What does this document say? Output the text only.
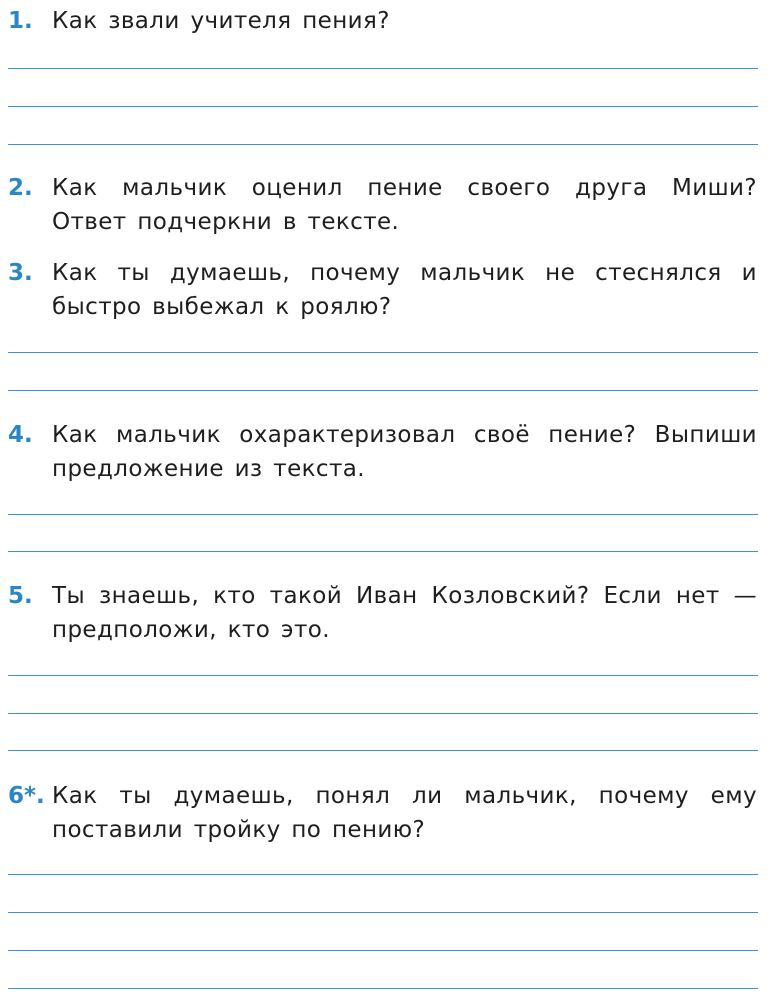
1. Как звали учителя пения?
2. Как мальчик оценил пение своего друга Миши? Ответ подчеркни в тексте.
3. Как ты думаешь, почему мальчик не стеснялся и быстро выбежал к роялю?
4. Как мальчик охарактеризовал своё пение? Выпиши предложение из текста.
5. Ты знаешь, кто такой Иван Козловский? Если нет — предположи, кто это.
6*. Как ты думаешь, понял ли мальчик, почему ему поставили тройку по пению?
